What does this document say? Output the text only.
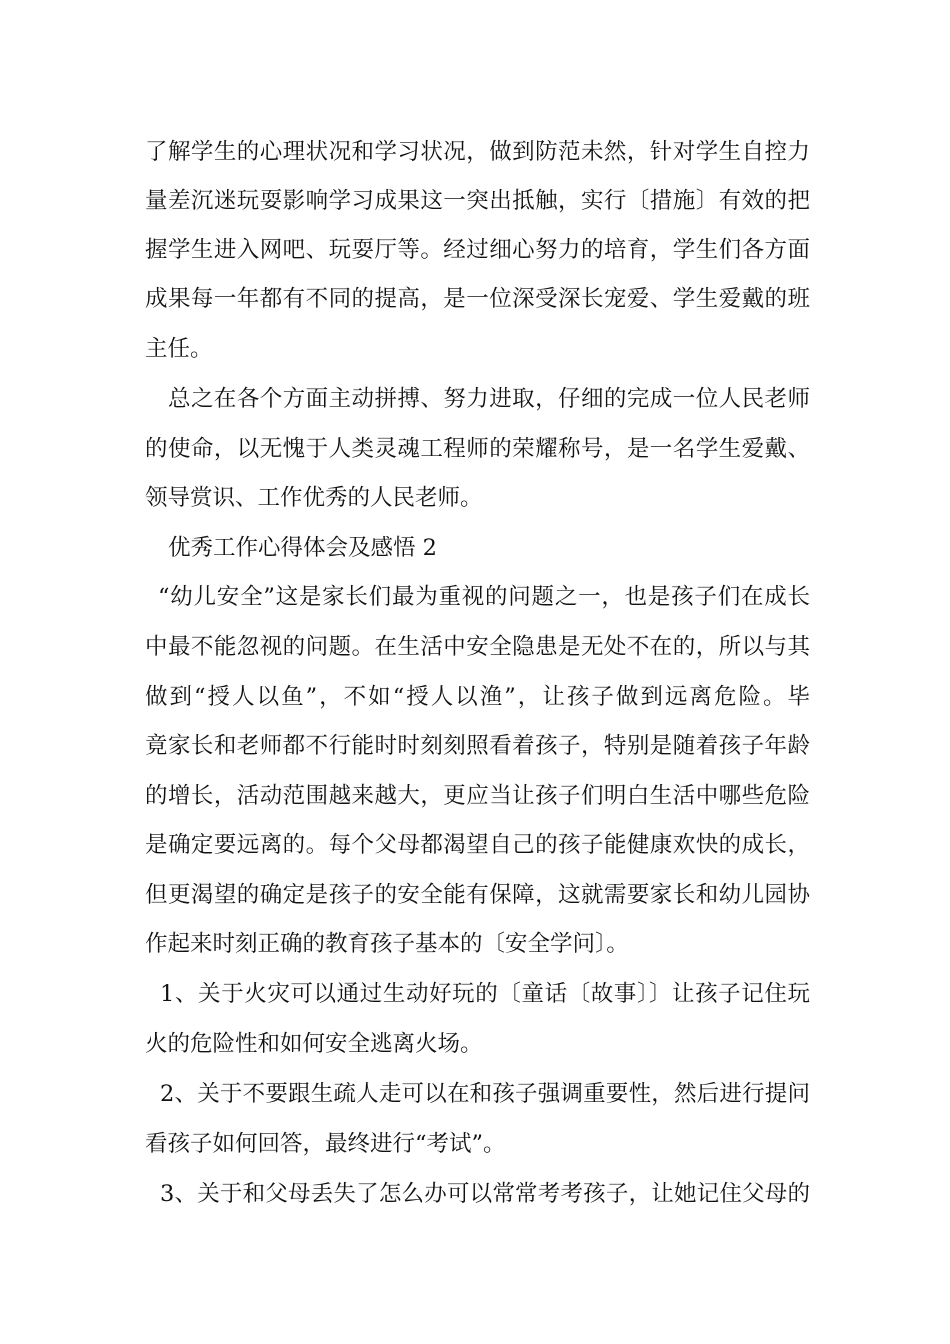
了解学生的心理状况和学习状况，做到防范未然，针对学生自控力
量差沉迷玩耍影响学习成果这一突出抵触，实行〔措施〕有效的把
握学生进入网吧、玩耍厅等。经过细心努力的培育，学生们各方面
成果每一年都有不同的提高，是一位深受深长宠爱、学生爱戴的班
主任。
总之在各个方面主动拼搏、努力进取，仔细的完成一位人民老师
的使命，以无愧于人类灵魂工程师的荣耀称号，是一名学生爱戴、
领导赏识、工作优秀的人民老师。
优秀工作心得体会及感悟 2
“幼儿安全”这是家长们最为重视的问题之一，也是孩子们在成长
中最不能忽视的问题。在生活中安全隐患是无处不在的，所以与其
做到“授人以鱼”，不如“授人以渔”，让孩子做到远离危险。毕
竟家长和老师都不行能时时刻刻照看着孩子，特别是随着孩子年龄
的增长，活动范围越来越大，更应当让孩子们明白生活中哪些危险
是确定要远离的。每个父母都渴望自己的孩子能健康欢快的成长，
但更渴望的确定是孩子的安全能有保障，这就需要家长和幼儿园协
作起来时刻正确的教育孩子基本的〔安全学问〕。
1、关于火灾可以通过生动好玩的〔童话〔故事〕〕让孩子记住玩
火的危险性和如何安全逃离火场。
2、关于不要跟生疏人走可以在和孩子强调重要性，然后进行提问
看孩子如何回答，最终进行“考试”。
3、关于和父母丢失了怎么办可以常常考考孩子，让她记住父母的
